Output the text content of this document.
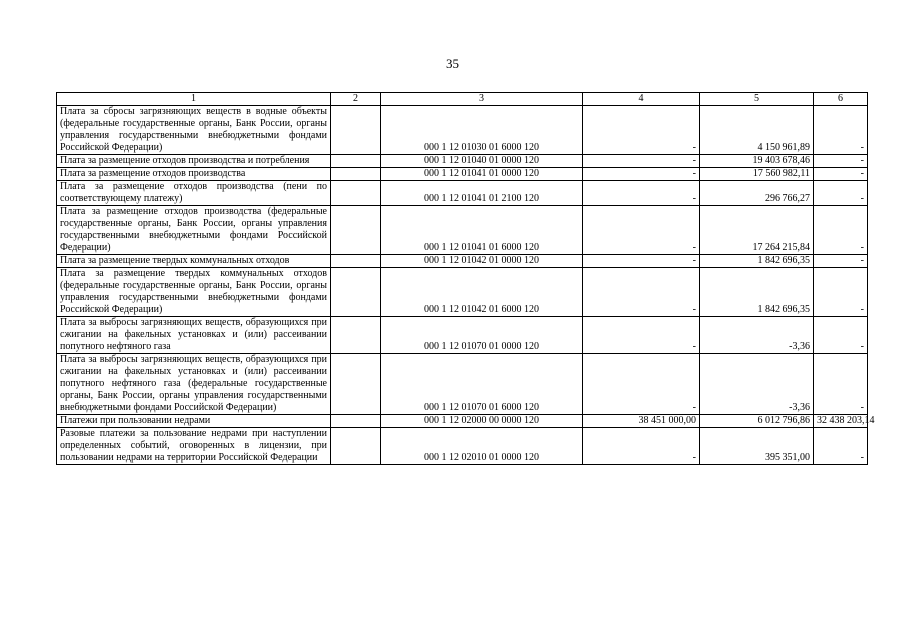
35
1	2	3	4	5	6
Плата за сбросы загрязняющих веществ в водные объекты (федеральные государственные органы, Банк России, органы управления государственными внебюджетными фондами Российской Федерации)		000 1 12 01030 01 6000 120	-	4 150 961,89	-
Плата за размещение отходов производства и потребления		000 1 12 01040 01 0000 120	-	19 403 678,46	-
Плата за размещение отходов производства		000 1 12 01041 01 0000 120	-	17 560 982,11	-
Плата за размещение отходов производства (пени по соответствующему платежу)		000 1 12 01041 01 2100 120	-	296 766,27	-
Плата за размещение отходов производства (федеральные государственные органы, Банк России, органы управления государственными внебюджетными фондами Российской Федерации)		000 1 12 01041 01 6000 120	-	17 264 215,84	-
Плата за размещение твердых коммунальных отходов		000 1 12 01042 01 0000 120	-	1 842 696,35	-
Плата за размещение твердых коммунальных отходов (федеральные государственные органы, Банк России, органы управления государственными внебюджетными фондами Российской Федерации)		000 1 12 01042 01 6000 120	-	1 842 696,35	-
Плата за выбросы загрязняющих веществ, образующихся при сжигании на факельных установках и (или) рассеивании попутного нефтяного газа		000 1 12 01070 01 0000 120	-	-3,36	-
Плата за выбросы загрязняющих веществ, образующихся при сжигании на факельных установках и (или) рассеивании попутного нефтяного газа (федеральные государственные органы, Банк России, органы управления государственными внебюджетными фондами Российской Федерации)		000 1 12 01070 01 6000 120	-	-3,36	-
Платежи при пользовании недрами		000 1 12 02000 00 0000 120	38 451 000,00	6 012 796,86	32 438 203,14
Разовые платежи за пользование недрами при наступлении определенных событий, оговоренных в лицензии, при пользовании недрами на территории Российской Федерации		000 1 12 02010 01 0000 120	-	395 351,00	-
